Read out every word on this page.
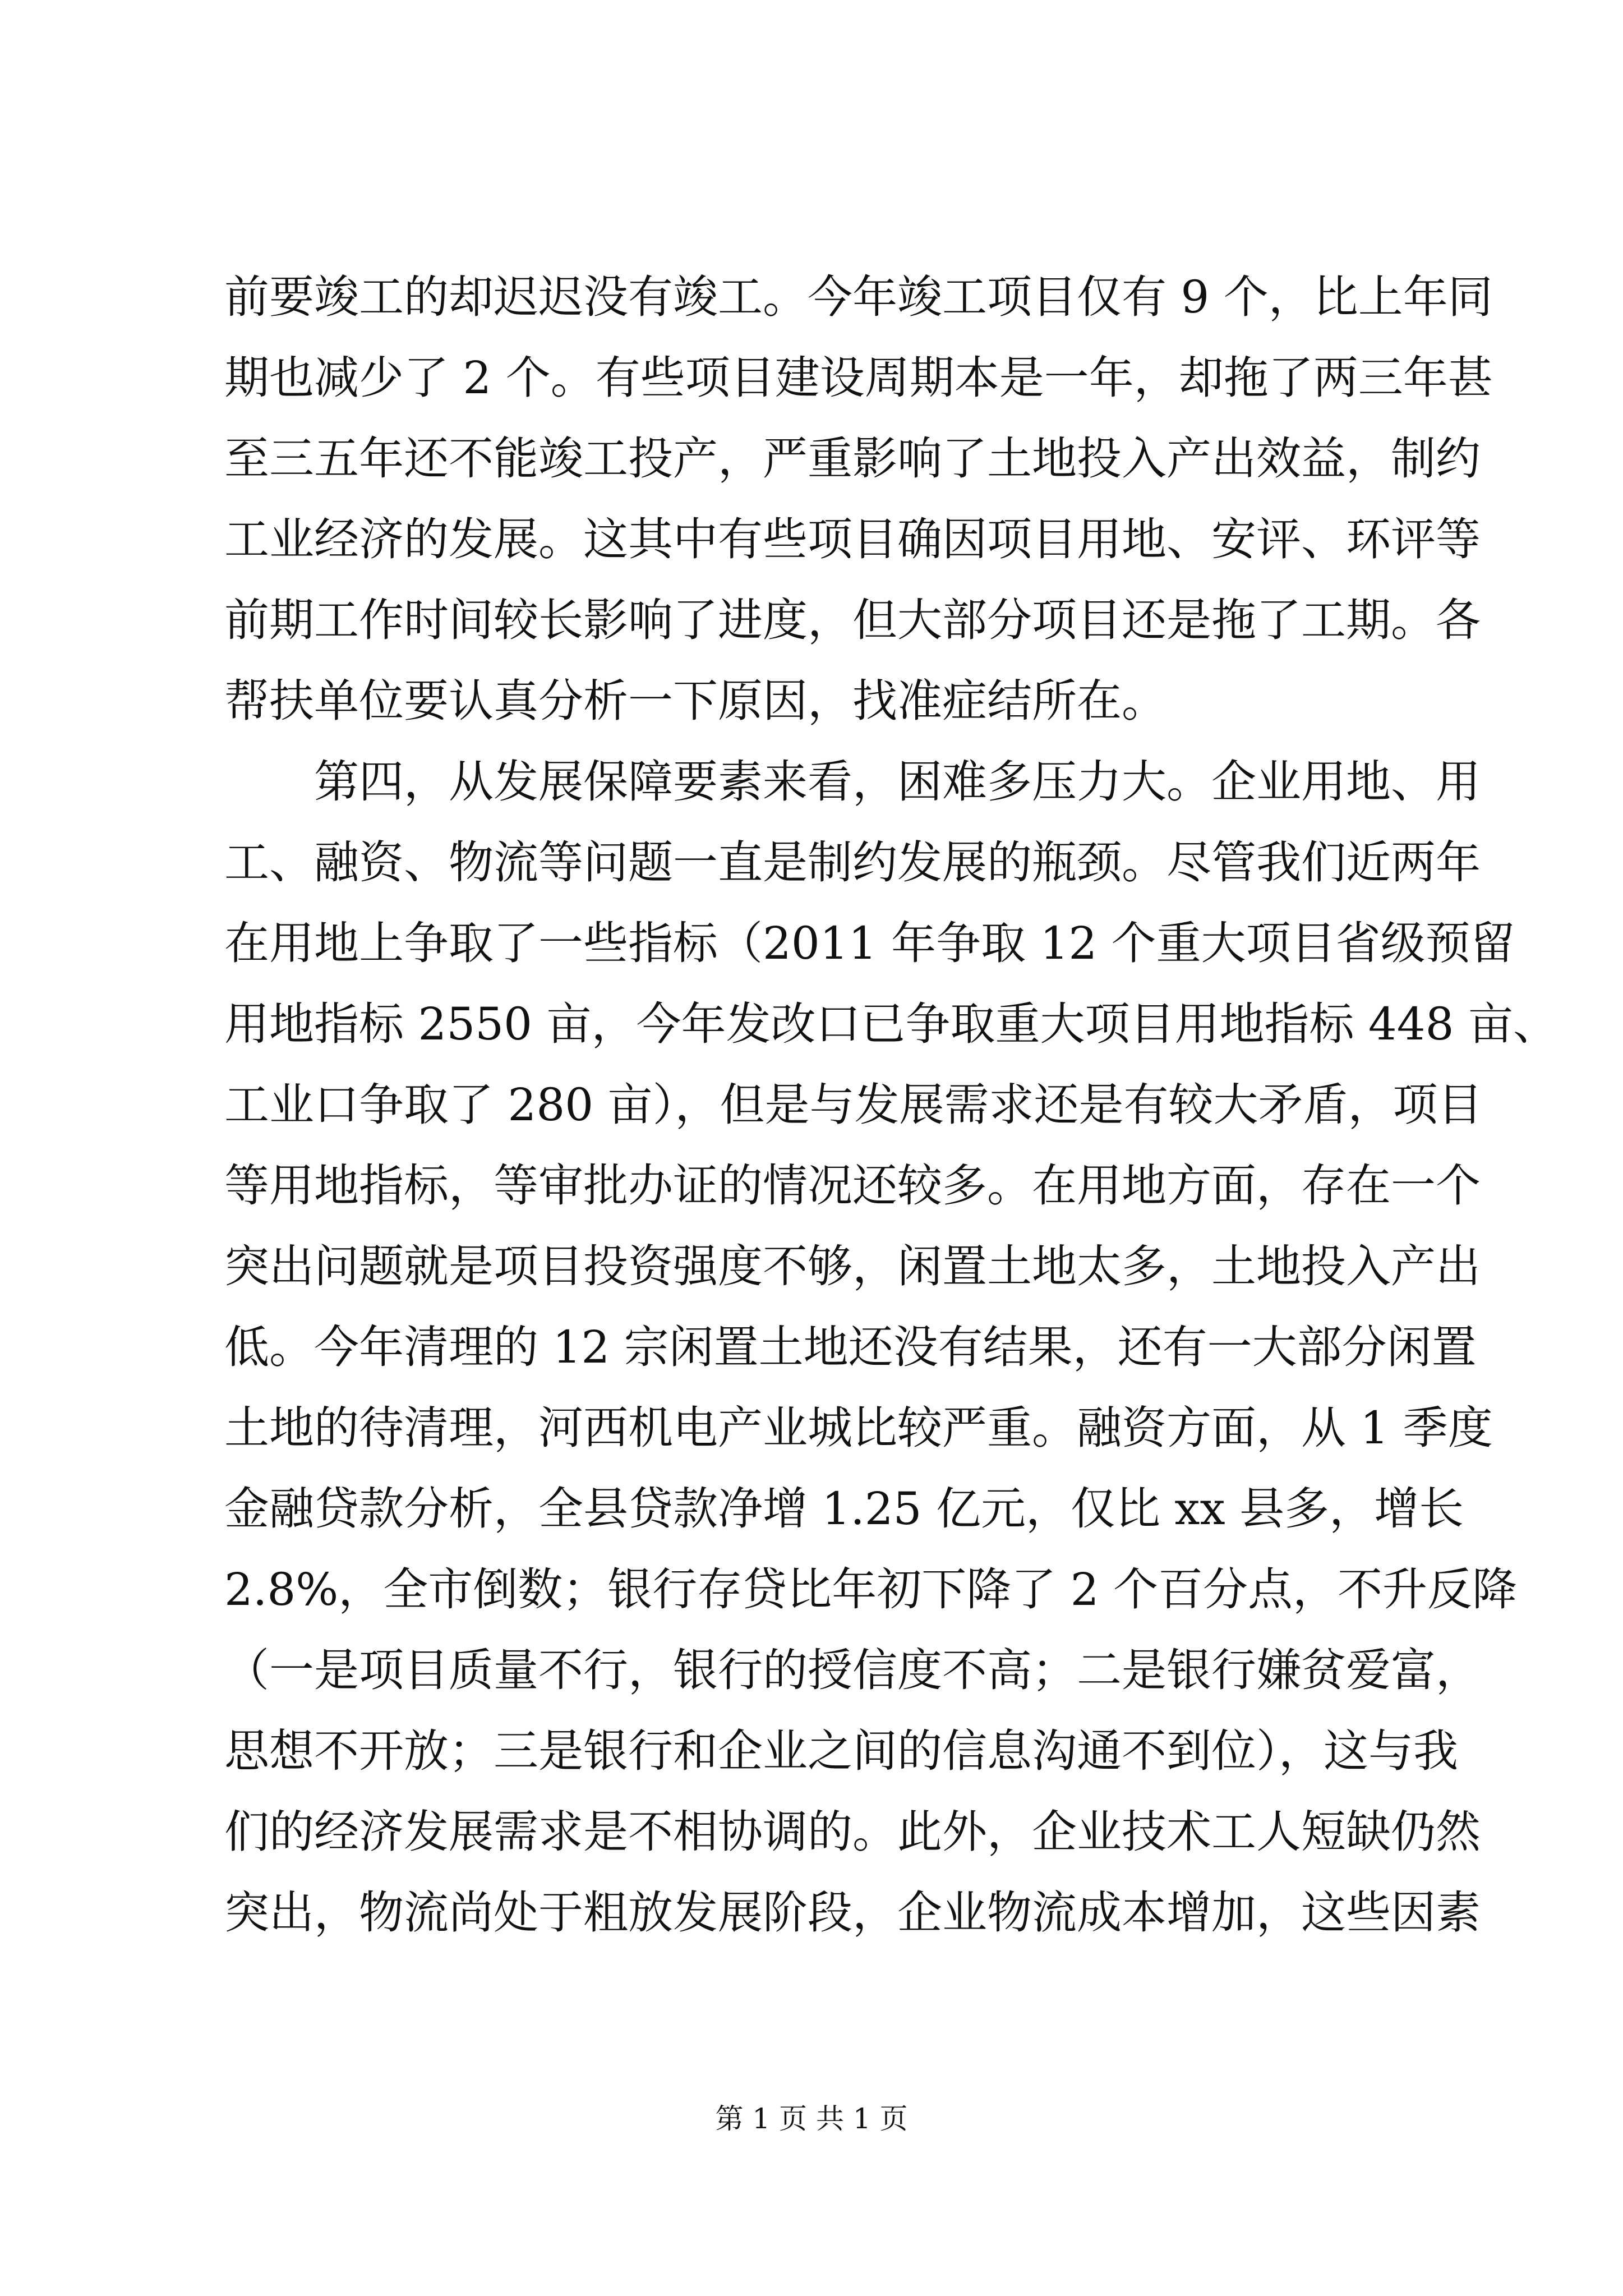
前要竣工的却迟迟没有竣工。今年竣工项目仅有 9 个，比上年同
期也减少了 2 个。有些项目建设周期本是一年，却拖了两三年甚
至三五年还不能竣工投产，严重影响了土地投入产出效益，制约
工业经济的发展。这其中有些项目确因项目用地、安评、环评等
前期工作时间较长影响了进度，但大部分项目还是拖了工期。各
帮扶单位要认真分析一下原因，找准症结所在。
第四，从发展保障要素来看，困难多压力大。企业用地、用
工、融资、物流等问题一直是制约发展的瓶颈。尽管我们近两年
在用地上争取了一些指标（2011 年争取 12 个重大项目省级预留
用地指标 2550 亩，今年发改口已争取重大项目用地指标 448 亩、
工业口争取了 280 亩），但是与发展需求还是有较大矛盾，项目
等用地指标，等审批办证的情况还较多。在用地方面，存在一个
突出问题就是项目投资强度不够，闲置土地太多，土地投入产出
低。今年清理的 12 宗闲置土地还没有结果，还有一大部分闲置
土地的待清理，河西机电产业城比较严重。融资方面，从 1 季度
金融贷款分析，全县贷款净增 1.25 亿元，仅比 xx 县多，增长
2.8%，全市倒数；银行存贷比年初下降了 2 个百分点，不升反降
（一是项目质量不行，银行的授信度不高；二是银行嫌贫爱富，
思想不开放；三是银行和企业之间的信息沟通不到位），这与我
们的经济发展需求是不相协调的。此外，企业技术工人短缺仍然
突出，物流尚处于粗放发展阶段，企业物流成本增加，这些因素
第 1 页 共 1 页
